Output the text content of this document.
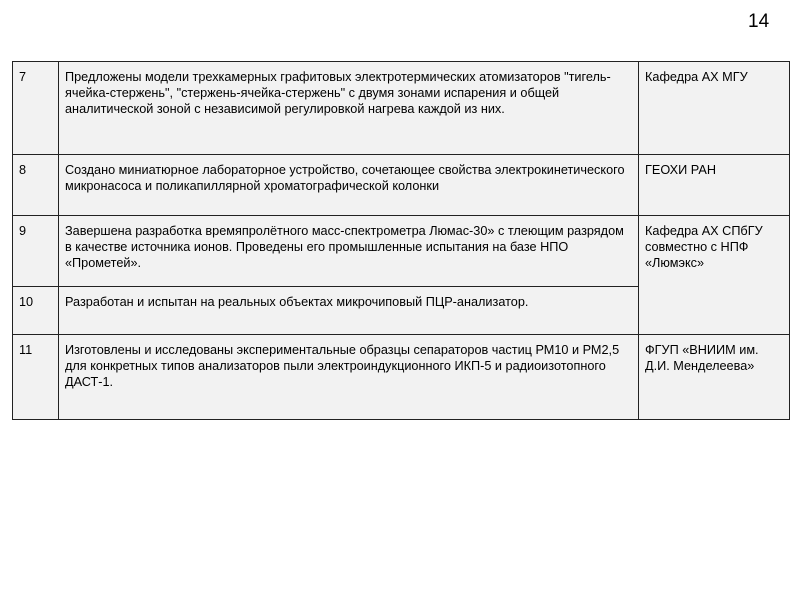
14
7	Предложены модели трехкамерных графитовых электротермических атомизаторов "тигель-ячейка-стержень", "стержень-ячейка-стержень" с двумя зонами испарения и общей аналитической зоной с независимой регулировкой нагрева каждой из них.	Кафедра АХ МГУ
8	Создано миниатюрное лабораторное устройство, сочетающее свойства электрокинетического микронасоса и поликапиллярной хроматографической колонки	ГЕОХИ РАН
9	Завершена разработка времяпролётного масс-спектрометра Люмас-30» с тлеющим разрядом в качестве источника ионов. Проведены его промышленные испытания на базе НПО «Прометей».	Кафедра АХ СПбГУ совместно с НПФ «Люмэкс»
10	Разработан и испытан на реальных объектах микрочиповый ПЦР-анализатор.	
11	Изготовлены и исследованы экспериментальные образцы сепараторов частиц РМ10 и РМ2,5 для конкретных типов анализаторов пыли электроиндукционного ИКП-5 и радиоизотопного ДАСТ-1.	ФГУП «ВНИИМ им. Д.И. Менделеева»
